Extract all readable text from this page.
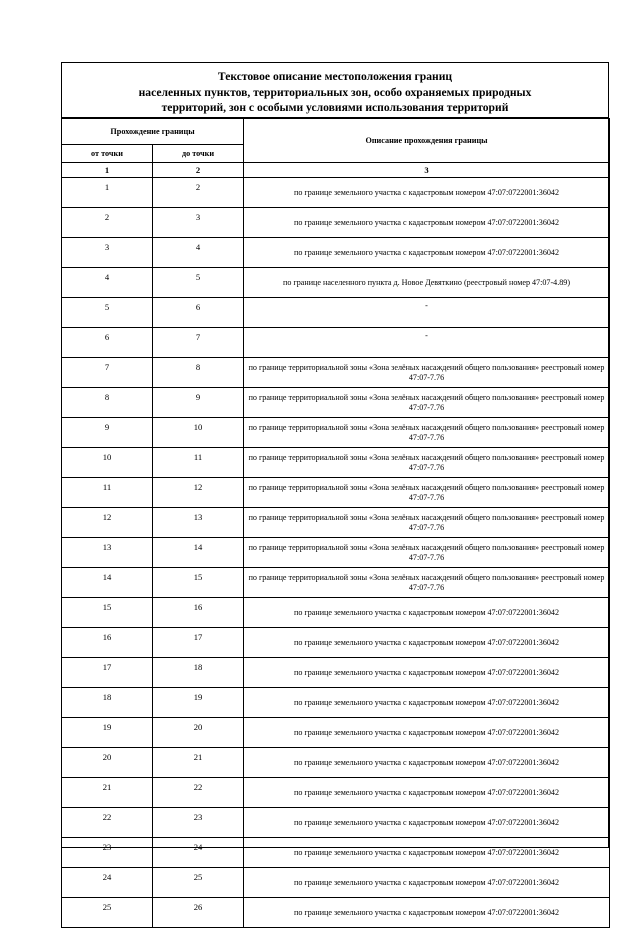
Текстовое описание местоположения границ
населенных пунктов, территориальных зон, особо охраняемых природных
территорий, зон с особыми условиями использования территорий
Прохождение границы		Описание прохождения границы
от точки	до точки	
1	2	3
1	2	по границе земельного участка с кадастровым номером 47:07:0722001:36042
2	3	по границе земельного участка с кадастровым номером 47:07:0722001:36042
3	4	по границе земельного участка с кадастровым номером 47:07:0722001:36042
4	5	по границе населенного пункта д. Новое Девяткино (реестровый номер 47:07-4.89)
5	6	-
6	7	-
7	8	по границе территориальной зоны «Зона зелёных насаждений общего пользования» реестровый номер 47:07-7.76
8	9	по границе территориальной зоны «Зона зелёных насаждений общего пользования» реестровый номер 47:07-7.76
9	10	по границе территориальной зоны «Зона зелёных насаждений общего пользования» реестровый номер 47:07-7.76
10	11	по границе территориальной зоны «Зона зелёных насаждений общего пользования» реестровый номер 47:07-7.76
11	12	по границе территориальной зоны «Зона зелёных насаждений общего пользования» реестровый номер 47:07-7.76
12	13	по границе территориальной зоны «Зона зелёных насаждений общего пользования» реестровый номер 47:07-7.76
13	14	по границе территориальной зоны «Зона зелёных насаждений общего пользования» реестровый номер 47:07-7.76
14	15	по границе территориальной зоны «Зона зелёных насаждений общего пользования» реестровый номер 47:07-7.76
15	16	по границе земельного участка с кадастровым номером 47:07:0722001:36042
16	17	по границе земельного участка с кадастровым номером 47:07:0722001:36042
17	18	по границе земельного участка с кадастровым номером 47:07:0722001:36042
18	19	по границе земельного участка с кадастровым номером 47:07:0722001:36042
19	20	по границе земельного участка с кадастровым номером 47:07:0722001:36042
20	21	по границе земельного участка с кадастровым номером 47:07:0722001:36042
21	22	по границе земельного участка с кадастровым номером 47:07:0722001:36042
22	23	по границе земельного участка с кадастровым номером 47:07:0722001:36042
23	24	по границе земельного участка с кадастровым номером 47:07:0722001:36042
24	25	по границе земельного участка с кадастровым номером 47:07:0722001:36042
25	26	по границе земельного участка с кадастровым номером 47:07:0722001:36042
